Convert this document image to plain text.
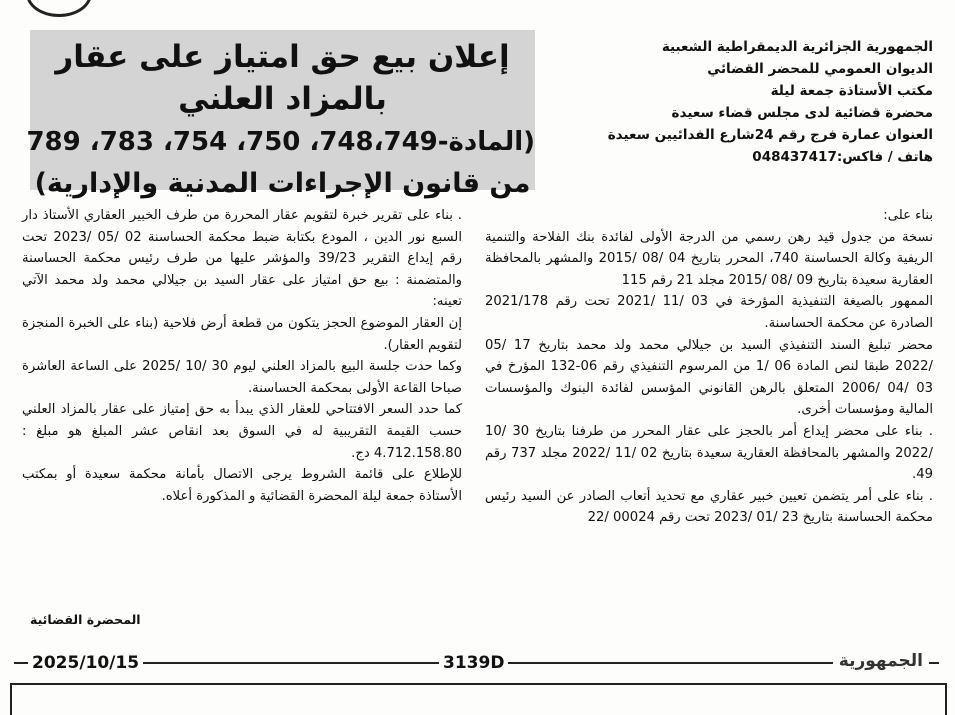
الجمهورية الجزائرية الديمقراطية الشعبية
الديوان العمومي للمحضر القضائي
مكتب الأستاذة جمعة ليلة
محضرة قضائية لدى مجلس قضاء سعيدة
العنوان عمارة فرج رقم 24شارع الفدائيين سعيدة
هاتف / فاكس:048437417
إعلان بيع حق امتياز على عقار بالمزاد العلني
(المادة-748،749، 750، 754، 783، 789
من قانون الإجراءات المدنية والإدارية)

بناء على:

نسخة من جدول قيد رهن رسمي من الدرجة الأولى لفائدة بنك الفلاحة والتنمية الريفية وكالة الحساسنة 740، المحرر بتاريخ 04 /08 /2015 والمشهر بالمحافظة العقارية سعيدة بتاريخ 09 /08 /2015 مجلد 21 رقم 115

الممهور بالصيغة التنفيذية المؤرخة في 03 /11 /2021 تحت رقم 2021/178 الصادرة عن محكمة الحساسنة.

محضر تبليغ السند التنفيذي السيد بن جيلالي محمد ولد محمد بتاريخ 17 /05 /2022 طبقا لنص المادة 06 /1 من المرسوم التنفيذي رقم 06-132 المؤرخ في 03 /04 /2006 المتعلق بالرهن القانوني المؤسس لفائدة البنوك والمؤسسات المالية ومؤسسات أخرى.

. بناء على محضر إيداع أمر بالحجز على عقار المحرر من طرفنا بتاريخ 30 /10 /2022 والمشهر بالمحافظة العقارية سعيدة بتاريخ 02 /11 /2022 مجلد 737 رقم 49.

. بناء على أمر يتضمن تعيين خبير عقاري مع تحديد أتعاب الصادر عن السيد رئيس محكمة الحساسنة بتاريخ 23 /01 /2023 تحت رقم 00024 /22

. بناء على تقرير خبرة لتقويم عقار المحررة من طرف الخبير العقاري الأستاذ دار السبع نور الدين ، المودع بكتابة ضبط محكمة الحساسنة 02 /05 /2023 تحت رقم إيداع التقرير 39/23 والمؤشر عليها من طرف رئيس محكمة الحساسنة والمتضمنة : بيع حق امتياز على عقار السيد بن جيلالي محمد ولد محمد الآتي تعينه:

إن العقار الموضوع الحجز يتكون من قطعة أرض فلاحية (بناء على الخبرة المنجزة لتقويم العقار).

وكما حدت جلسة البيع بالمزاد العلني ليوم 30 /10 /2025 على الساعة العاشرة صباحا القاعة الأولى بمحكمة الحساسنة.

كما حدد السعر الافتتاحي للعقار الذي يبدأ به حق إمتياز على عقار بالمزاد العلني حسب القيمة التقريبية له في السوق بعد انقاص عشر المبلغ هو مبلغ : 4.712.158.80 دج.

للإطلاع على قائمة الشروط يرجى الاتصال بأمانة محكمة سعيدة أو بمكتب الأستاذة جمعة ليلة المحضرة القضائية و المذكورة أعلاه.

المحضرة القضائية
2025/10/15	3139D	الجمهورية
